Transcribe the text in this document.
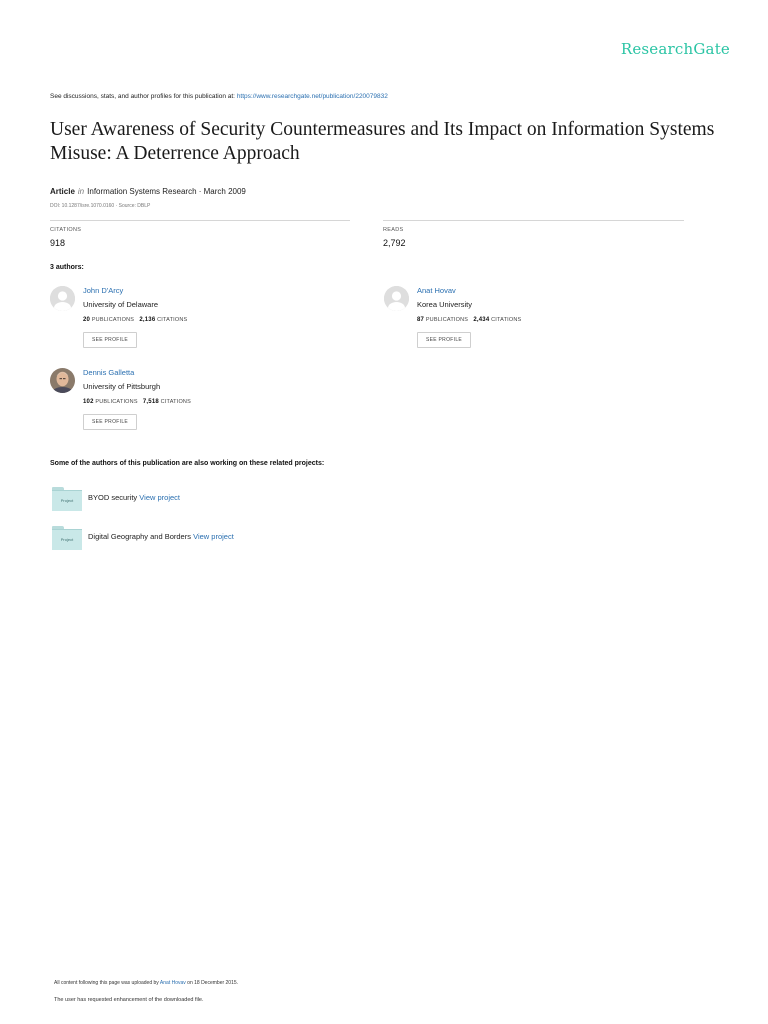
ResearchGate
See discussions, stats, and author profiles for this publication at: https://www.researchgate.net/publication/220079832
User Awareness of Security Countermeasures and Its Impact on Information Systems Misuse: A Deterrence Approach
Article in Information Systems Research · March 2009
DOI: 10.1287/isre.1070.0160 · Source: DBLP
CITATIONS
918
READS
2,792
3 authors:
John D'Arcy
University of Delaware
20 PUBLICATIONS 2,136 CITATIONS
SEE PROFILE
Anat Hovav
Korea University
87 PUBLICATIONS 2,434 CITATIONS
SEE PROFILE
Dennis Galletta
University of Pittsburgh
102 PUBLICATIONS 7,518 CITATIONS
SEE PROFILE
Some of the authors of this publication are also working on these related projects:
Project	BYOD security View project
Project	Digital Geography and Borders View project
All content following this page was uploaded by Anat Hovav on 18 December 2015.
The user has requested enhancement of the downloaded file.
